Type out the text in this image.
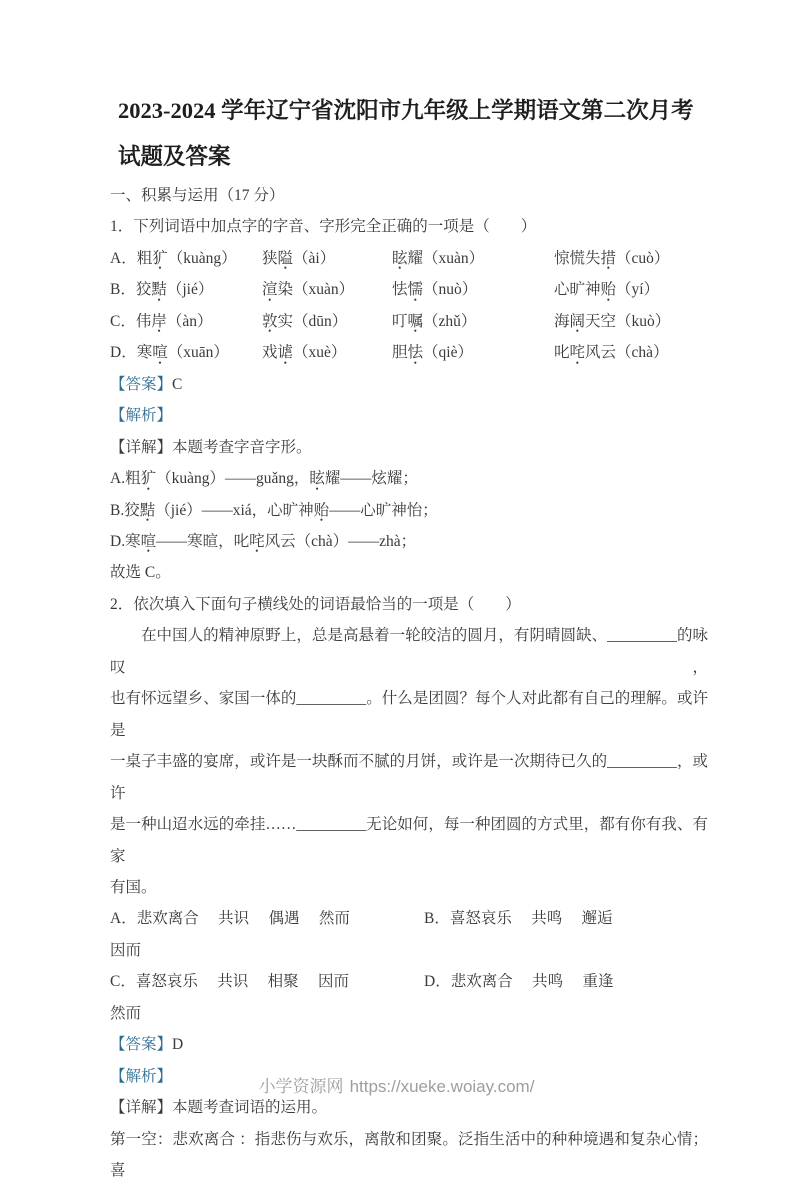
2023-2024 学年辽宁省沈阳市九年级上学期语文第二次月考
试题及答案

一、积累与运用（17 分）

1．下列词语中加点字的字音、字形完全正确的一项是（　　）

A．粗犷（kuàng）	狭隘（ài）	眩耀（xuàn）	惊慌失措（cuò）
B．狡黠（jié）	渲染（xuàn）	怯懦（nuò）	心旷神贻（yí）
C．伟岸（àn）	敦实（dūn）	叮嘱（zhǔ）	海阔天空（kuò）
D．寒喧（xuān）	戏谑（xuè）	胆怯（qiè）	叱咤风云（chà）

【答案】C

【解析】

【详解】本题考查字音字形。

A.粗犷（kuàng）——guǎng，眩耀——炫耀；

B.狡黠（jié）——xiá，心旷神贻——心旷神怡；

D.寒喧——寒暄，叱咤风云（chà）——zhà；

故选 C。

2．依次填入下面句子横线处的词语最恰当的一项是（　　）

在中国人的精神原野上，总是高悬着一轮皎洁的圆月，有阴晴圆缺、_________的咏叹，

也有怀远望乡、家国一体的_________。什么是团圆？每个人对此都有自己的理解。或许是

一桌子丰盛的宴席，或许是一块酥而不腻的月饼，或许是一次期待已久的_________，或许

是一种山迢水远的牵挂……_________无论如何，每一种团圆的方式里，都有你有我、有家

有国。

A．悲欢离合　 共识　 偶遇　 然而	B．喜怒哀乐　 共鸣　 邂逅

因而

C．喜怒哀乐　 共识　 相聚　 因而	D．悲欢离合　 共鸣　 重逢

然而

【答案】D

【解析】

【详解】本题考查词语的运用。

第一空：悲欢离合 ：指悲伤与欢乐，离散和团聚。泛指生活中的种种境遇和复杂心情；喜

小学资源网 https://xueke.woiay.com/
